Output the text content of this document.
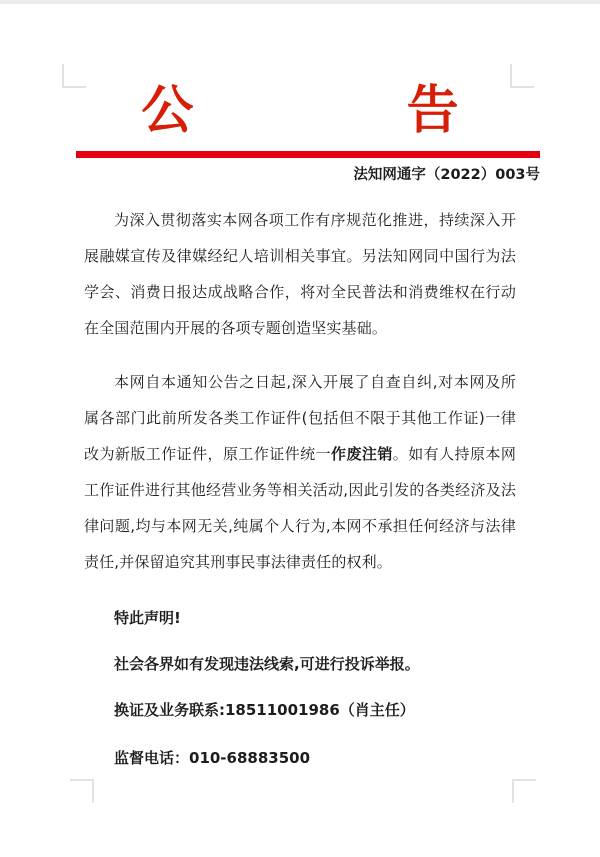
公　　告
法知网通字（2022）003号

为深入贯彻落实本网各项工作有序规范化推进，持续深入开展融媒宣传及律媒经纪人培训相关事宜。另法知网同中国行为法学会、消费日报达成战略合作，将对全民普法和消费维权在行动在全国范围内开展的各项专题创造坚实基础。

本网自本通知公告之日起,深入开展了自查自纠,对本网及所属各部门此前所发各类工作证件(包括但不限于其他工作证)一律改为新版工作证件，原工作证件统一作废注销。如有人持原本网工作证件进行其他经营业务等相关活动,因此引发的各类经济及法律问题,均与本网无关,纯属个人行为,本网不承担任何经济与法律责任,并保留追究其刑事民事法律责任的权利。

特此声明!

社会各界如有发现违法线索,可进行投诉举报。

换证及业务联系:18511001986（肖主任）

监督电话：010-68883500
